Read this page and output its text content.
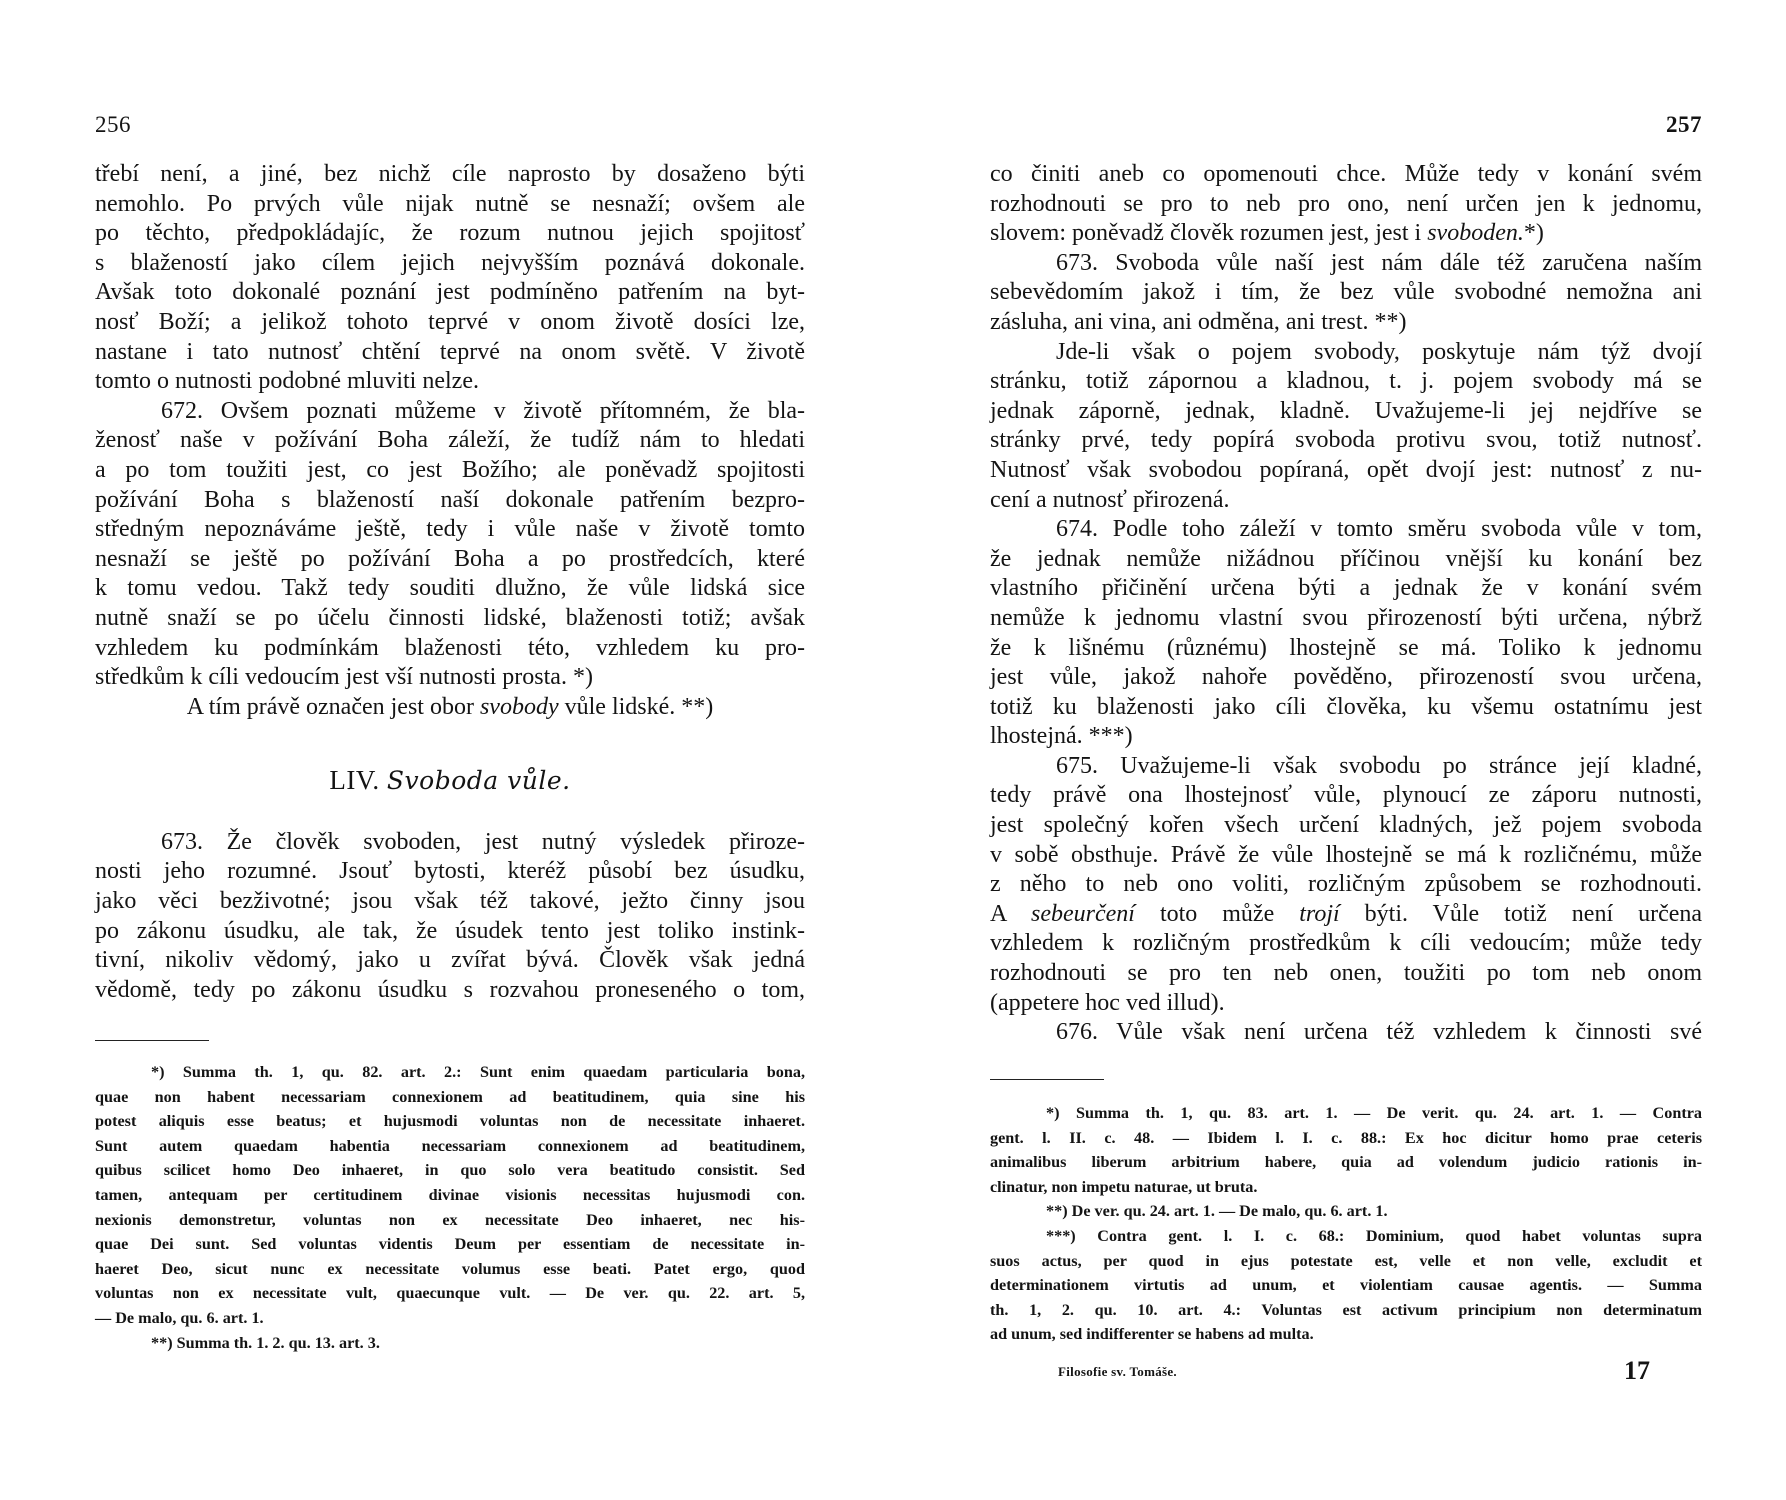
256

třebí není, a jiné, bez nichž cíle naprosto by dosaženo býti

nemohlo. Po prvých vůle nijak nutně se nesnaží; ovšem ale

po těchto, předpokládajíc, že rozum nutnou jejich spojitosť

s blažeností jako cílem jejich nejvyšším poznává dokonale.

Avšak toto dokonalé poznání jest podmíněno patřením na byt-

nosť Boží; a jelikož tohoto teprvé v onom životě dosíci lze,

nastane i tato nutnosť chtění teprvé na onom světě. V životě

tomto o nutnosti podobné mluviti nelze.

672. Ovšem poznati můžeme v životě přítomném, že bla-

ženosť naše v požívání Boha záleží, že tudíž nám to hledati

a po tom toužiti jest, co jest Božího; ale poněvadž spojitosti

požívání Boha s blažeností naší dokonale patřením bezpro-

středným nepoznáváme ještě, tedy i vůle naše v životě tomto

nesnaží se ještě po požívání Boha a po prostředcích, které

k tomu vedou. Takž tedy souditi dlužno, že vůle lidská sice

nutně snaží se po účelu činnosti lidské, blaženosti totiž; avšak

vzhledem ku podmínkám blaženosti této, vzhledem ku pro-

středkům k cíli vedoucím jest vší nutnosti prosta. *)

A tím právě označen jest obor svobody vůle lidské. **)

LIV. Svoboda vůle.

673. Že člověk svoboden, jest nutný výsledek přiroze-

nosti jeho rozumné. Jsouť bytosti, kteréž působí bez úsudku,

jako věci bezživotné; jsou však též takové, ježto činny jsou

po zákonu úsudku, ale tak, že úsudek tento jest toliko instink-

tivní, nikoliv vědomý, jako u zvířat bývá. Člověk však jedná

vědomě, tedy po zákonu úsudku s rozvahou proneseného o tom,

*) Summa th. 1, qu. 82. art. 2.: Sunt enim quaedam particularia bona,

quae non habent necessariam connexionem ad beatitudinem, quia sine his

potest aliquis esse beatus; et hujusmodi voluntas non de necessitate inhaeret.

Sunt autem quaedam habentia necessariam connexionem ad beatitudinem,

quibus scilicet homo Deo inhaeret, in quo solo vera beatitudo consistit. Sed

tamen, antequam per certitudinem divinae visionis necessitas hujusmodi con.

nexionis demonstretur, voluntas non ex necessitate Deo inhaeret, nec his-

quae Dei sunt. Sed voluntas videntis Deum per essentiam de necessitate in-

haeret Deo, sicut nunc ex necessitate volumus esse beati. Patet ergo, quod

voluntas non ex necessitate vult, quaecunque vult. — De ver. qu. 22. art. 5,

— De malo, qu. 6. art. 1.

**) Summa th. 1. 2. qu. 13. art. 3.

257

co činiti aneb co opomenouti chce. Může tedy v konání svém

rozhodnouti se pro to neb pro ono, není určen jen k jednomu,

slovem: poněvadž člověk rozumen jest, jest i svoboden.*)

673. Svoboda vůle naší jest nám dále též zaručena naším

sebevědomím jakož i tím, že bez vůle svobodné nemožna ani

zásluha, ani vina, ani odměna, ani trest. **)

Jde-li však o pojem svobody, poskytuje nám týž dvojí

stránku, totiž zápornou a kladnou, t. j. pojem svobody má se

jednak záporně, jednak, kladně. Uvažujeme-li jej nejdříve se

stránky prvé, tedy popírá svoboda protivu svou, totiž nutnosť.

Nutnosť však svobodou popíraná, opět dvojí jest: nutnosť z nu-

cení a nutnosť přirozená.

674. Podle toho záleží v tomto směru svoboda vůle v tom,

že jednak nemůže nižádnou příčinou vnější ku konání bez

vlastního přičinění určena býti a jednak že v konání svém

nemůže k jednomu vlastní svou přirozeností býti určena, nýbrž

že k lišnému (různému) lhostejně se má. Toliko k jednomu

jest vůle, jakož nahoře pověděno, přirozeností svou určena,

totiž ku blaženosti jako cíli člověka, ku všemu ostatnímu jest

lhostejná. ***)

675. Uvažujeme-li však svobodu po stránce její kladné,

tedy právě ona lhostejnosť vůle, plynoucí ze záporu nutnosti,

jest společný kořen všech určení kladných, jež pojem svoboda

v sobě obsthuje. Právě že vůle lhostejně se má k rozličnému, může

z něho to neb ono voliti, rozličným způsobem se rozhodnouti.

A sebeurčení toto může trojí býti. Vůle totiž není určena

vzhledem k rozličným prostředkům k cíli vedoucím; může tedy

rozhodnouti se pro ten neb onen, toužiti po tom neb onom

(appetere hoc ved illud).

676. Vůle však není určena též vzhledem k činnosti své

*) Summa th. 1, qu. 83. art. 1. — De verit. qu. 24. art. 1. — Contra

gent. l. II. c. 48. — Ibidem l. I. c. 88.: Ex hoc dicitur homo prae ceteris

animalibus liberum arbitrium habere, quia ad volendum judicio rationis in-

clinatur, non impetu naturae, ut bruta.

**) De ver. qu. 24. art. 1. — De malo, qu. 6. art. 1.

***) Contra gent. l. I. c. 68.: Dominium, quod habet voluntas supra

suos actus, per quod in ejus potestate est, velle et non velle, excludit et

determinationem virtutis ad unum, et violentiam causae agentis. — Summa

th. 1, 2. qu. 10. art. 4.: Voluntas est activum principium non determinatum

ad unum, sed indifferenter se habens ad multa.

Filosofie sv. Tomáše.	17
